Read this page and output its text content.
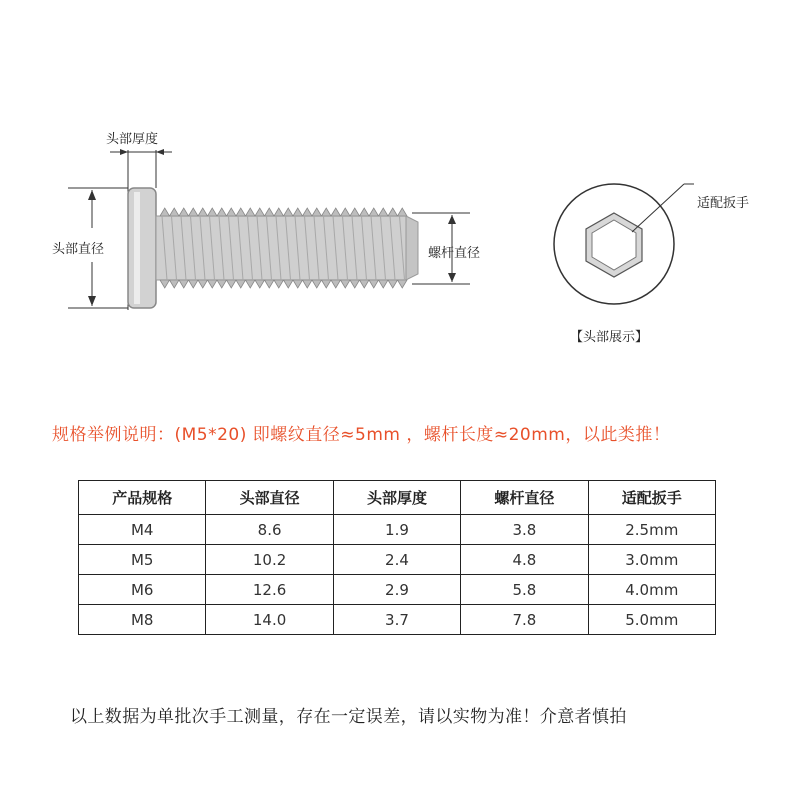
头部厚度
头部直径	螺杆直径
适配扳手
【头部展示】
规格举例说明：(M5*20) 即螺纹直径≈5mm ，螺杆长度≈20mm，以此类推！
产品规格	头部直径	头部厚度	螺杆直径	适配扳手
M4	8.6	1.9	3.8	2.5mm
M5	10.2	2.4	4.8	3.0mm
M6	12.6	2.9	5.8	4.0mm
M8	14.0	3.7	7.8	5.0mm
以上数据为单批次手工测量，存在一定误差，请以实物为准！介意者慎拍
